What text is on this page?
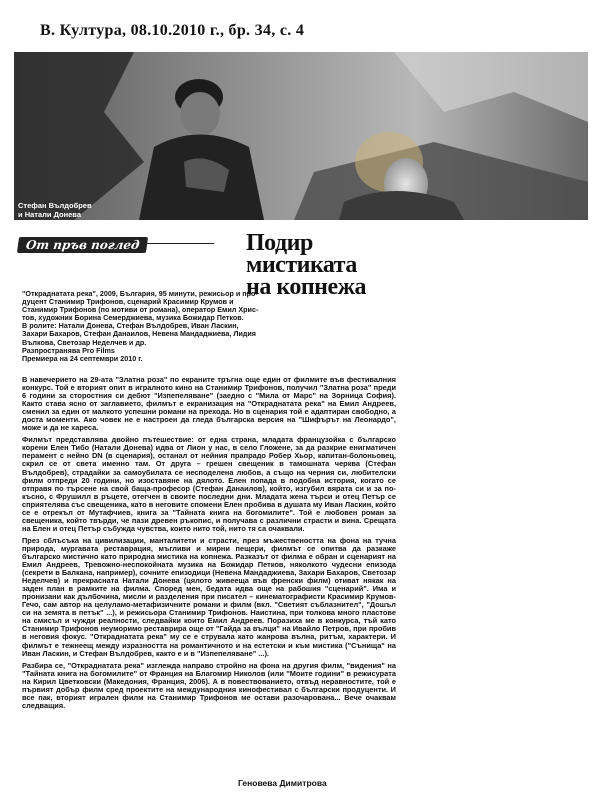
В. Култура, 08.10.2010 г., бр. 34, с. 4
Стефан Вълдобрев
и Натали Донева
в кадър от Откраднатата река
От пръв поглед	Подир
мистиката
на копнежа
"Откраднатата река", 2009, България, 95 минути, режисьор и про-
дуцент Станимир Трифонов, сценарий Красимир Крумов и
Станимир Трифонов (по мотиви от романа), оператор Емил Хрис-
тов, художник Борина Семерджиева, музика Божидар Петков.
В ролите: Натали Донева, Стефан Вълдобрев, Иван Ласкин,
Захари Бахаров, Стефан Данаилов, Невена Мандаджиева, Лидия
Вълкова, Светозар Неделчев и др.
Разпространява Pro Films
Премиера на 24 септември 2010 г.

В навечерието на 29-ата "Златна роза" по екраните тръгна още един от филмите във фестивалния конкурс. Той е вторият опит в игралното кино на Станимир Трифонов, получил "Златна роза" преди 6 години за сторостния си дебют "Изпепеляване" (заедно с "Мила от Марс" на Зорница София). Както става ясно от заглавието, филмът е екранизация на "Откраднатата река" на Емил Андреев, сменил за един от малкото успешни романи на прехода. Но в сценария той е адаптиран свободно, а доста моменти. Ако човек не е настроен да гледа българска версия на "Шифърът на Леонардо", може и да не хареса.

Филмът представлява двойно пътешествие: от една страна, младата французойка с българско корени Елен Тибо (Натали Донева) идва от Лион у нас, в село Гложене, за да разкрие енигматичен перамент с нейно DN (в сценария), останал от нейния прапрадо Робер Хьор, капитан-болоньовец, скрил се от света именно там. От друга – грешен свещеник в тамошната черква (Стефан Вълдобрев), страдайки за самоубилата се несподелена любов, а също на черния си, любителски филм отпреди 20 години, но изоставяне на дялото. Елен попада в подобна история, когато се отправя по търсене на свой баща-професор (Стефан Данаилов), който, изгубил вярата си и за по-късно, с Фрушилл в ръцете, отегчен в своите последни дни. Младата жена търси и отец Петър се сприятелява със свещеника, като в неговите спомени Елен пробива в душата му Иван Ласкин, който се е отрекъл от Мутафчиев, книга за "Тайната книга на богомилите". Той е любовен роман за свещеника, който твърди, че пази древен ръкопис, и получава с различни страсти и вина. Срещата на Елен и отец Петър събужда чувства, които нито той, нито тя са очаквали.

През сблъсъка на цивилизации, манталитети и страсти, през мъжествеността на фона на тучна природа, мургавата реставрация, мъгливи и мирни пещери, филмът се опитва да разкаже българско мистично като природна мистика на копнежа. Разказът от филма е обран и сценарият на Емил Андреев, Тревожно-неспокойната музика на Божидар Петков, няколкото чудесни епизода (секрети в Балкана, например), сочните епизодици (Невена Мандаджиева, Захари Бахаров, Светозар Неделчев) и прекрасната Натали Донева (цялото живееща във френски филм) отиват някак на заден план в рамките на филма. Според мен, бедата идва още на рабошия "сценарий". Има и пронизани как дълбочина, мисли и разделения при писател – кинематографисти Красимир Крумов-Гечо, сам автор на целуламо-метафизичните романи и филм (вкл. "Светият съблазнител", "Дошъл си на земята в петък" ...), и режисьора Станимир Трифонов. Наистина, при толкова много пластове на смисъл и чужди реалности, следвайки които Емил Андреев. Поразиха ме в конкурса, тъй като Станимир Трифонов неуморимо реставрира още от "Гайда за вълци" на Ивайло Петров, при пробив в неговия фокус. "Откраднатата река" му се е струвала като жанрова вълна, ритъм, характери. И филмът е тежнеещ между изразността на романтичното и на естетски и към мистика ("Сънища" на Иван Ласкин, и Стефан Вълдобрев, както е и в "Изпепеляване" ...).

Разбира се, "Откраднатата река" изглежда направо стройно на фона на другия филм, "видения" на "Тайната книга на богомилите" от Франция на Благомир Николов (или "Моите години" в режисурата на Кирил Цветковски (Македония, Франция, 2006). А в повествованието, отвъд неравностите, той е първият добър филм сред проектите на международния кинофестивал с български продуценти. И все пак, вторият игрален филм на Станимир Трифонов ме остави разочарована... Вече очаквам следващия.

Геновева Димитрова
